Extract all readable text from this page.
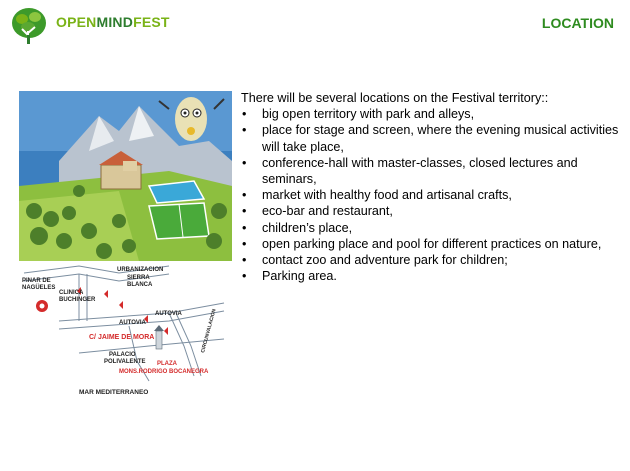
OPENMINDFEST	LOCATION
URBANIZACION
SIERRA
BLANCA
PINAR DE
NAGÜELES
CLINICA
BUCHINGER
AUTOVIA
AUTOVIA
C/ JAIME DE MORA	CIRCUNVALACION
PALACIO
POLIVALENTE PLAZA
MONS.RODRIGO BOCANEGRA
MAR MEDITERRANEO
There will be several locations on the Festival territory::
• big open territory with park and alleys,
• place for stage and screen, where the evening musical activities will take place,
• conference-hall with master-classes, closed lectures and seminars,
• market with healthy food and artisanal crafts,
• eco-bar and restaurant,
• children’s place,
• open parking place and pool for different practices on nature,
• contact zoo and adventure park for children;
• Parking area.
